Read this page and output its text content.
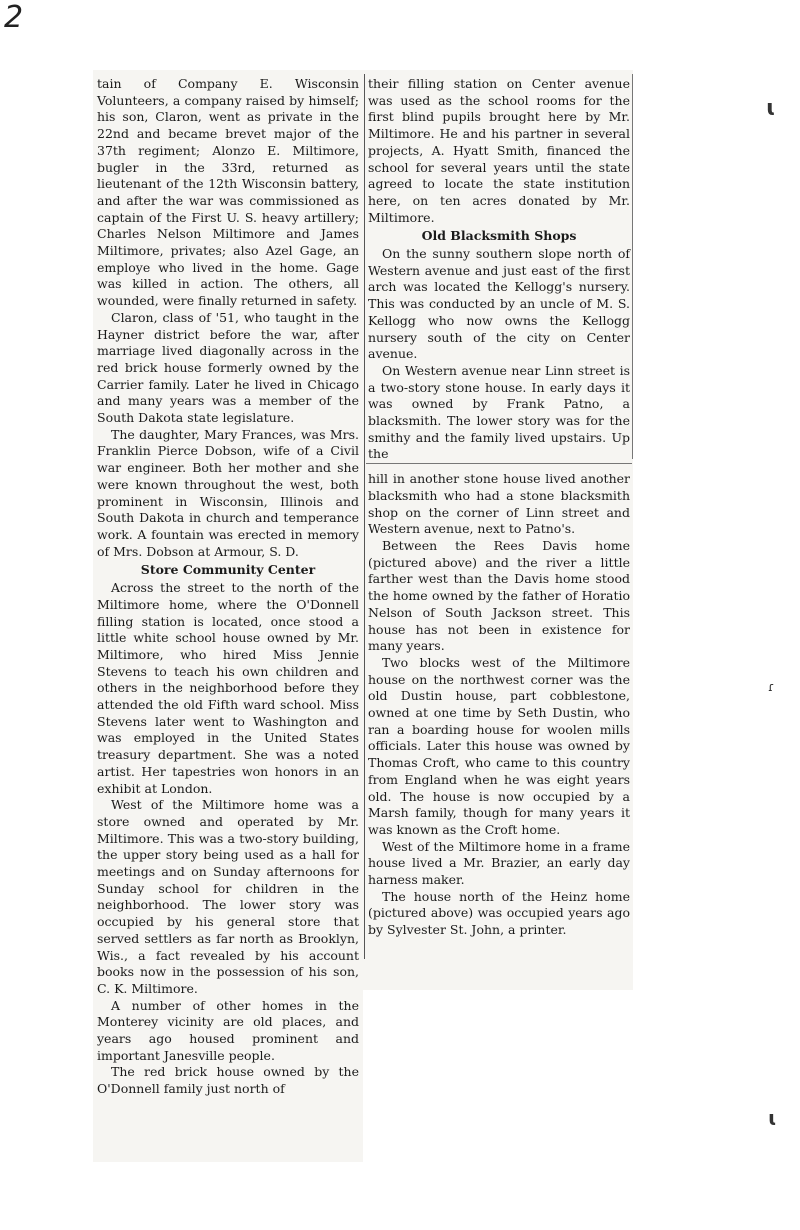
2

tain of Company E. Wisconsin Volunteers, a company raised by himself; his son, Claron, went as private in the 22nd and became brevet major of the 37th regiment; Alonzo E. Miltimore, bugler in the 33rd, returned as lieutenant of the 12th Wisconsin battery, and after the war was commissioned as captain of the First U. S. heavy artillery; Charles Nelson Miltimore and James Miltimore, privates; also Azel Gage, an employe who lived in the home. Gage was killed in action. The others, all wounded, were finally returned in safety.

Claron, class of '51, who taught in the Hayner district before the war, after marriage lived diagonally across in the red brick house formerly owned by the Carrier family. Later he lived in Chicago and many years was a member of the South Dakota state legislature.

The daughter, Mary Frances, was Mrs. Franklin Pierce Dobson, wife of a Civil war engineer. Both her mother and she were known throughout the west, both prominent in Wisconsin, Illinois and South Dakota in church and temperance work. A fountain was erected in memory of Mrs. Dobson at Armour, S. D.

Store Community Center

Across the street to the north of the Miltimore home, where the O'Donnell filling station is located, once stood a little white school house owned by Mr. Miltimore, who hired Miss Jennie Stevens to teach his own children and others in the neighborhood before they attended the old Fifth ward school. Miss Stevens later went to Washington and was employed in the United States treasury department. She was a noted artist. Her tapestries won honors in an exhibit at London.

West of the Miltimore home was a store owned and operated by Mr. Miltimore. This was a two-story building, the upper story being used as a hall for meetings and on Sunday afternoons for Sunday school for children in the neighborhood. The lower story was occupied by his general store that served settlers as far north as Brooklyn, Wis., a fact revealed by his account books now in the possession of his son, C. K. Miltimore.

A number of other homes in the Monterey vicinity are old places, and years ago housed prominent and important Janesville people.

The red brick house owned by the O'Donnell family just north of

their filling station on Center avenue was used as the school rooms for the first blind pupils brought here by Mr. Miltimore. He and his partner in several projects, A. Hyatt Smith, financed the school for several years until the state agreed to locate the state institution here, on ten acres donated by Mr. Miltimore.

Old Blacksmith Shops

On the sunny southern slope north of Western avenue and just east of the first arch was located the Kellogg's nursery. This was conducted by an uncle of M. S. Kellogg who now owns the Kellogg nursery south of the city on Center avenue.

On Western avenue near Linn street is a two-story stone house. In early days it was owned by Frank Patno, a blacksmith. The lower story was for the smithy and the family lived upstairs. Up the

hill in another stone house lived another blacksmith who had a stone blacksmith shop on the corner of Linn street and Western avenue, next to Patno's.

Between the Rees Davis home (pictured above) and the river a little farther west than the Davis home stood the home owned by the father of Horatio Nelson of South Jackson street. This house has not been in existence for many years.

Two blocks west of the Miltimore house on the northwest corner was the old Dustin house, part cobblestone, owned at one time by Seth Dustin, who ran a boarding house for woolen mills officials. Later this house was owned by Thomas Croft, who came to this country from England when he was eight years old. The house is now occupied by a Marsh family, though for many years it was known as the Croft home.

West of the Miltimore home in a frame house lived a Mr. Brazier, an early day harness maker.

The house north of the Heinz home (pictured above) was occupied years ago by Sylvester St. John, a printer.

ɩ
ɾ
ɩ
